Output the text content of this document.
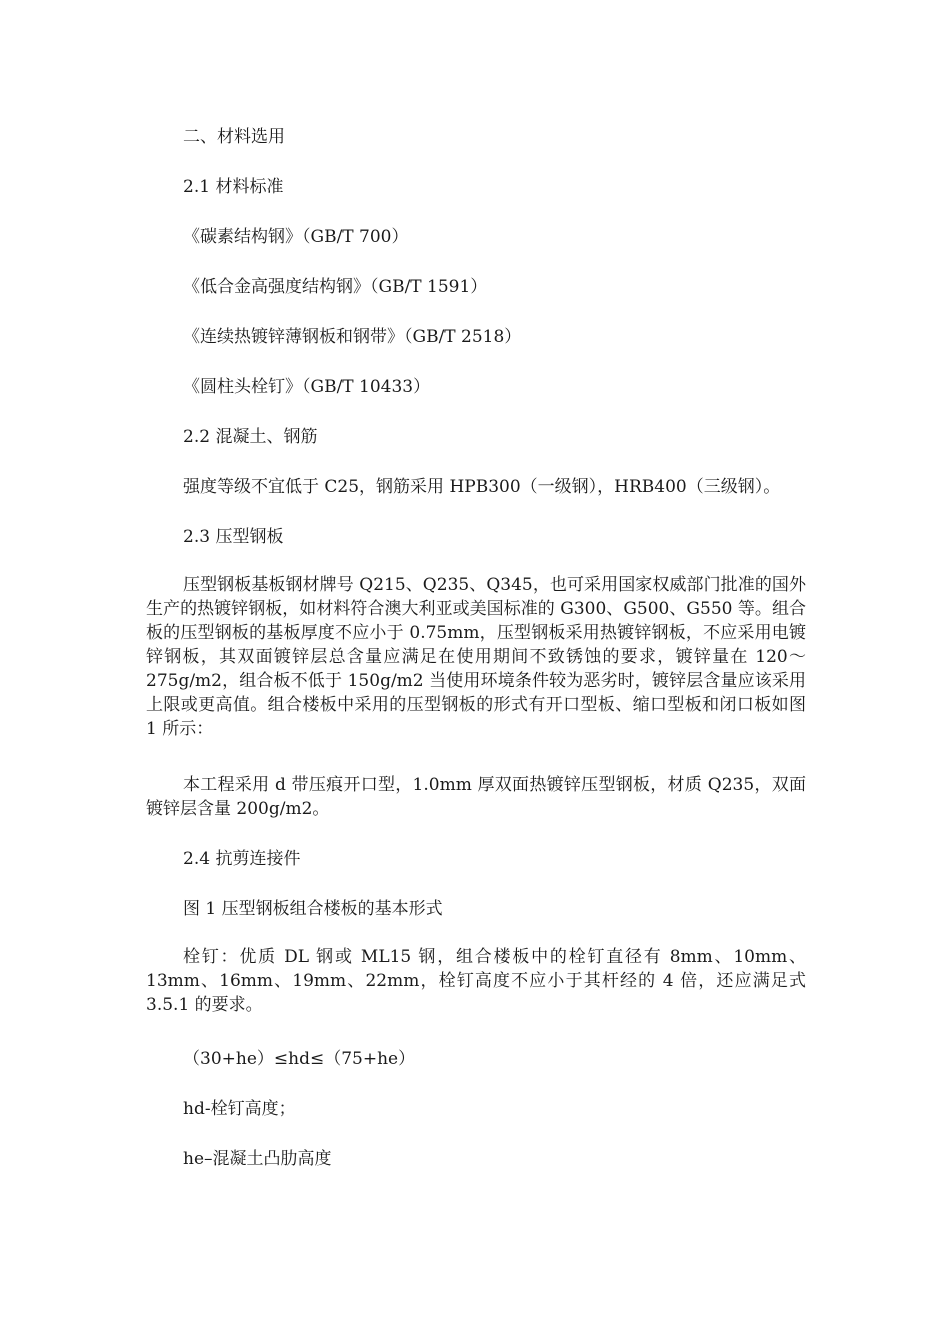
二、材料选用
2.1 材料标准
《碳素结构钢》（GB/T 700）
《低合金高强度结构钢》（GB/T 1591）
《连续热镀锌薄钢板和钢带》（GB/T 2518）
《圆柱头栓钉》（GB/T 10433）
2.2 混凝土、钢筋
强度等级不宜低于 C25，钢筋采用 HPB300（一级钢），HRB400（三级钢）。
2.3 压型钢板
压型钢板基板钢材牌号 Q215、Q235、Q345，也可采用国家权威部门批准的国外生产的热镀锌钢板，如材料符合澳大利亚或美国标准的 G300、G500、G550 等。组合板的压型钢板的基板厚度不应小于 0.75mm，压型钢板采用热镀锌钢板，不应采用电镀锌钢板，其双面镀锌层总含量应满足在使用期间不致锈蚀的要求，镀锌量在 120～275g/m2，组合板不低于 150g/m2 当使用环境条件较为恶劣时，镀锌层含量应该采用上限或更高值。组合楼板中采用的压型钢板的形式有开口型板、缩口型板和闭口板如图 1 所示：
本工程采用 d 带压痕开口型，1.0mm 厚双面热镀锌压型钢板，材质 Q235，双面镀锌层含量 200g/m2。
2.4 抗剪连接件
图 1 压型钢板组合楼板的基本形式
栓钉：优质 DL 钢或 ML15 钢，组合楼板中的栓钉直径有 8mm、10mm、13mm、16mm、19mm、22mm，栓钉高度不应小于其杆经的 4 倍，还应满足式 3.5.1 的要求。
（30+he）≤hd≤（75+he）
hd-栓钉高度；
he–混凝土凸肋高度
